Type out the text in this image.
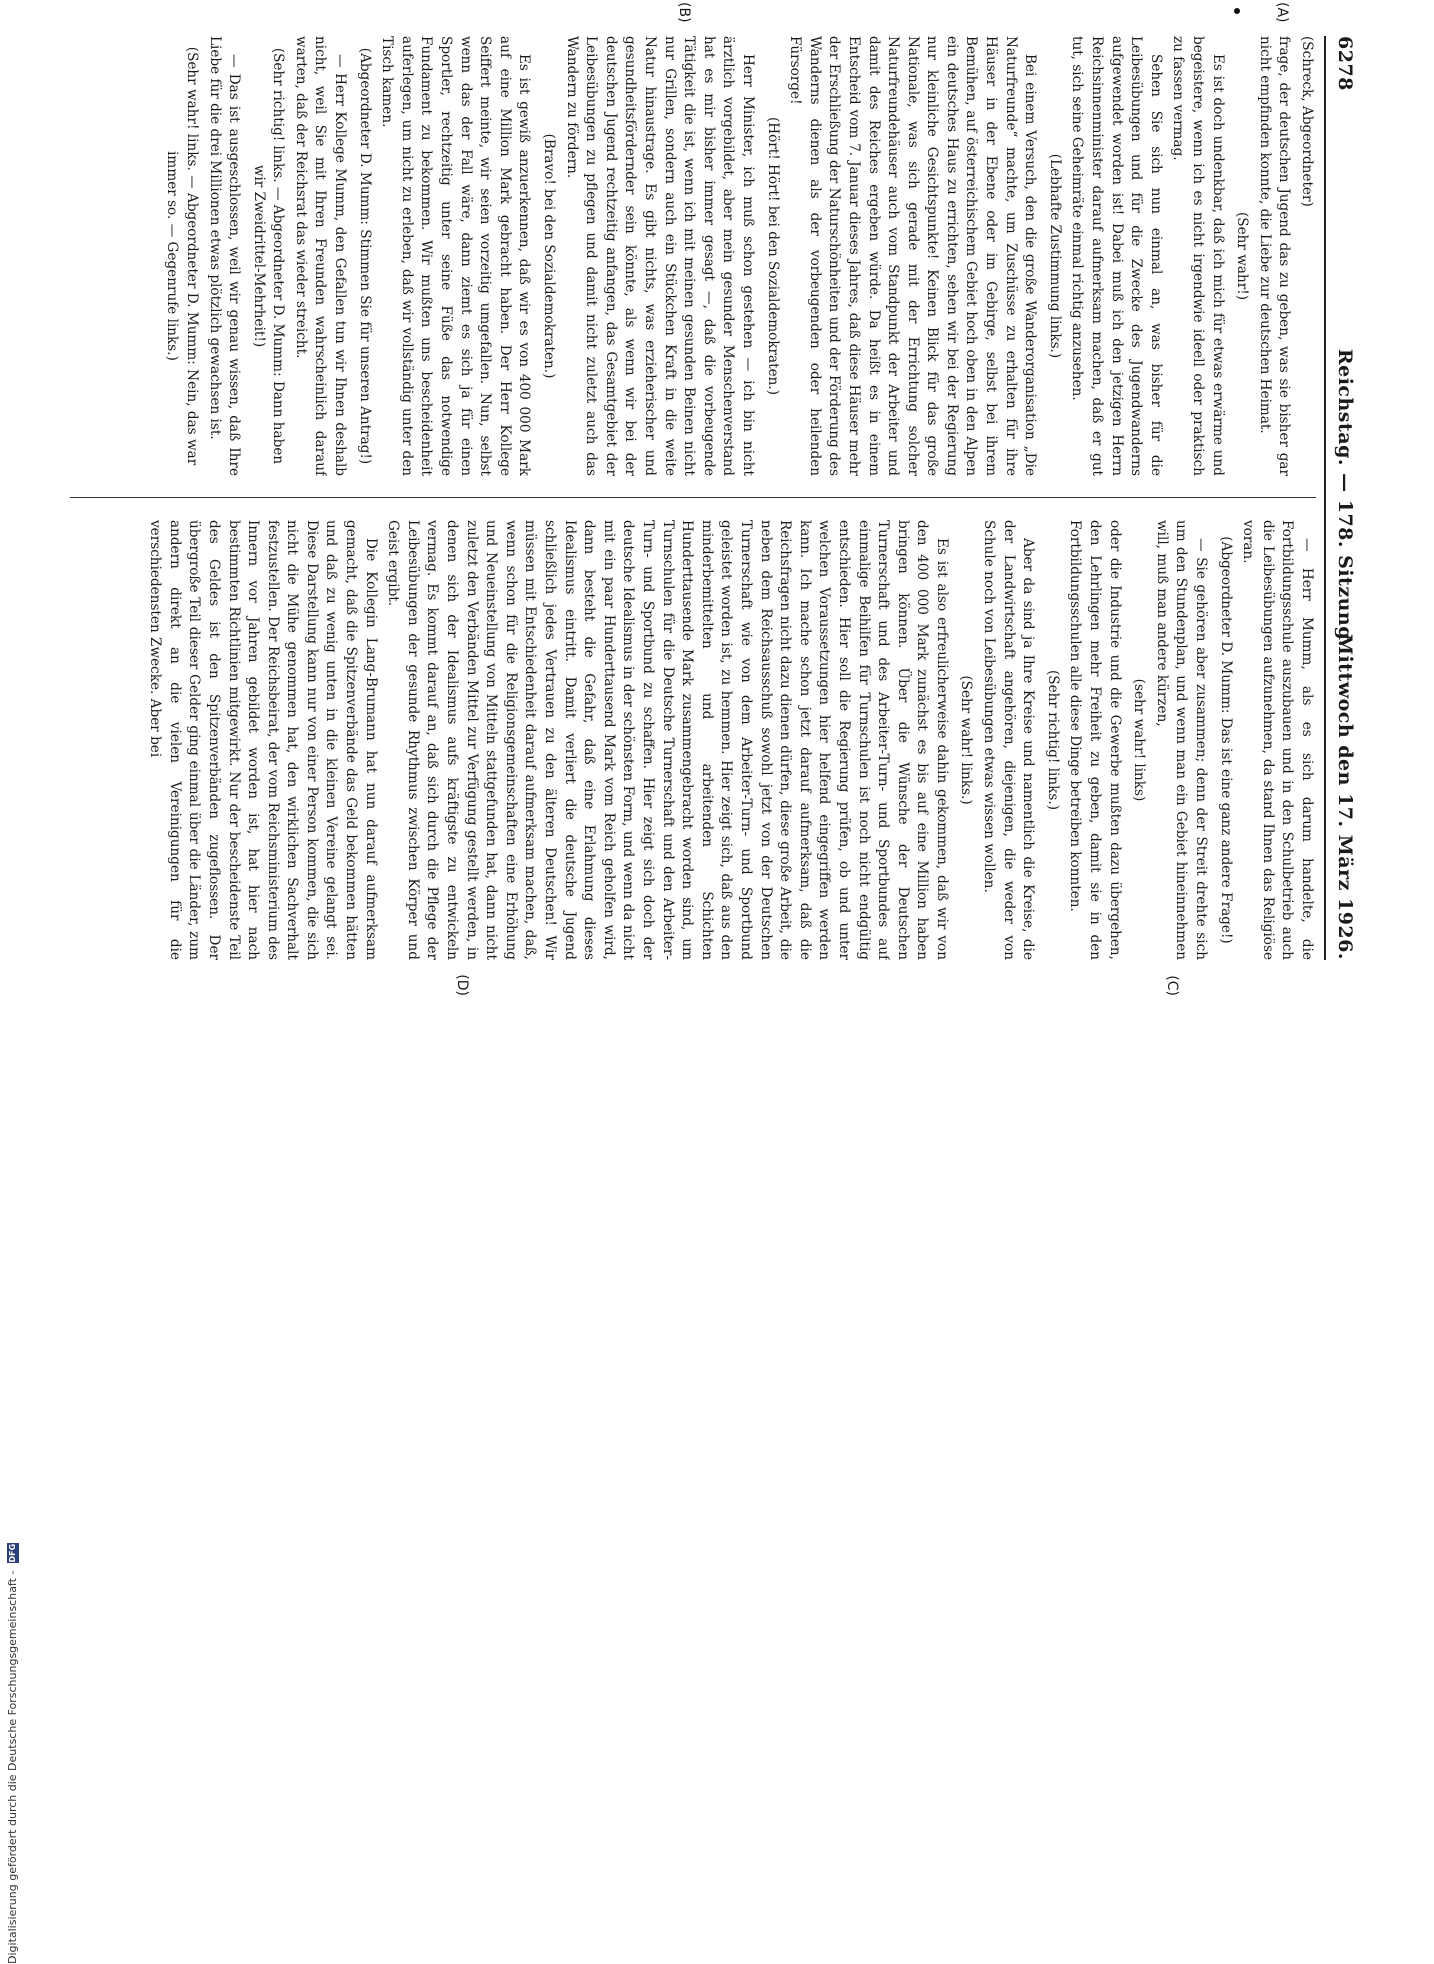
6278
Reichstag. — 178. Sitzung.
Mittwoch den 17. März 1926.

(Schreck, Abgeordneter)

frage, der deutschen Jugend das zu geben, was sie bisher gar nicht empfinden konnte, die Liebe zur deutschen Heimat.

(Sehr wahr!)

Es ist doch undenkbar, daß ich mich für etwas erwärme und begeistere, wenn ich es nicht irgendwie ideell oder praktisch zu fassen vermag.

Sehen Sie sich nun einmal an, was bisher für die Leibesübungen und für die Zwecke des Jugendwanderns aufgewendet worden ist! Dabei muß ich den jetzigen Herrn Reichsinnenminister darauf aufmerksam machen, daß er gut tut, sich seine Geheimräte einmal richtig anzusehen.

(Lebhafte Zustimmung links.)

Bei einem Versuch, den die große Wanderorganisation „Die Naturfreunde“ machte, um Zuschüsse zu erhalten für ihre Häuser in der Ebene oder im Gebirge, selbst bei ihrem Bemühen, auf österreichischem Gebiet hoch oben in den Alpen ein deutsches Haus zu errichten, sehen wir bei der Regierung nur kleinliche Gesichtspunkte! Keinen Blick für das große Nationale, was sich gerade mit der Errichtung solcher Naturfreundehäuser auch vom Standpunkt der Arbeiter und damit des Reiches ergeben würde. Da heißt es in einem Entscheid vom 7. Januar dieses Jahres, daß diese Häuser mehr der Erschließung der Naturschönheiten und der Förderung des Wanderns dienen als der vorbeugenden oder heilenden Fürsorge!

(Hört! Hört! bei den Sozialdemokraten.)

Herr Minister, ich muß schon gestehen — ich bin nicht ärztlich vorgebildet, aber mein gesunder Menschenverstand hat es mir bisher immer gesagt —, daß die vorbeugende Tätigkeit die ist, wenn ich mit meinen gesunden Beinen nicht nur Grillen, sondern auch ein Stückchen Kraft in die weite Natur hinaustrage. Es gibt nichts, was erzieherischer und gesundheitsfördernder sein könnte, als wenn wir bei der deutschen Jugend rechtzeitig anfangen, das Gesamtgebiet der Leibesübungen zu pflegen und damit nicht zuletzt auch das Wandern zu fördern.

(Bravo! bei den Sozialdemokraten.)

Es ist gewiß anzuerkennen, daß wir es von 400 000 Mark auf eine Million Mark gebracht haben. Der Herr Kollege Seiffert meinte, wir seien vorzeitig umgefallen. Nun, selbst wenn das der Fall wäre, dann ziemt es sich ja für einen Sportler, rechtzeitig unter seine Füße das notwendige Fundament zu bekommen. Wir mußten uns bescheidenheit auferlegen, um nicht zu erleben, daß wir vollständig unter den Tisch kamen.

(Abgeordneter D. Mumm: Stimmen Sie für unseren Antrag!)

— Herr Kollege Mumm, den Gefallen tun wir Ihnen deshalb nicht, weil Sie mit Ihren Freunden wahrscheinlich darauf warten, daß der Reichsrat das wieder streicht.

(Sehr richtig! links. — Abgeordneter D. Mumm: Dann haben wir Zweidrittel-Mehrheit!)

— Das ist ausgeschlossen, weil wir genau wissen, daß Ihre Liebe für die drei Millionen etwas plötzlich gewachsen ist.

(Sehr wahr! links. — Abgeordneter D. Mumm: Nein, das war immer so. — Gegenrufe links.)

— Herr Mumm, als es sich darum handelte, die Fortbildungsschule auszubauen und in den Schulbetrieb auch die Leibesübungen aufzunehmen, da stand Ihnen das Religiöse voran.

(Abgeordneter D. Mumm: Das ist eine ganz andere Frage!)

— Sie gehören aber zusammen; denn der Streit drehte sich um den Stundenplan, und wenn man ein Gebiet hineinnehmen will, muß man andere kürzen,

(sehr wahr! links)

oder die Industrie und die Gewerbe mußten dazu übergehen, den Lehrlingen mehr Freiheit zu geben, damit sie in den Fortbildungsschulen alle diese Dinge betreiben konnten.

(Sehr richtig! links.)

Aber da sind ja Ihre Kreise und namentlich die Kreise, die der Landwirtschaft angehören, diejenigen, die weder von Schule noch von Leibesübungen etwas wissen wollen.

(Sehr wahr! links.)

Es ist also erfreulicherweise dahin gekommen, daß wir von den 400 000 Mark zunächst es bis auf eine Million haben bringen können. Über die Wünsche der Deutschen Turnerschaft und des Arbeiter-Turn- und Sportbundes auf einmalige Beihilfen für Turnschulen ist noch nicht endgültig entschieden. Hier soll die Regierung prüfen, ob und unter welchen Voraussetzungen hier helfend eingegriffen werden kann. Ich mache schon jetzt darauf aufmerksam, daß die Reichsfragen nicht dazu dienen dürfen, diese große Arbeit, die neben dem Reichsausschuß sowohl jetzt von der Deutschen Turnerschaft wie von dem Arbeiter-Turn- und Sportbund geleistet worden ist, zu hemmen. Hier zeigt sich, daß aus den minderbemittelten und arbeitenden Schichten Hunderttausende Mark zusammengebracht worden sind, um Turnschulen für die Deutsche Turnerschaft und den Arbeiter-Turn- und Sportbund zu schaffen. Hier zeigt sich doch der deutsche Idealismus in der schönsten Form, und wenn da nicht mit ein paar Hunderttausend Mark vom Reich geholfen wird, dann besteht die Gefahr, daß eine Erlahmung dieses Idealismus eintritt. Damit verliert die deutsche Jugend schließlich jedes Vertrauen zu den älteren Deutschen! Wir müssen mit Entschiedenheit darauf aufmerksam machen, daß, wenn schon für die Religionsgemeinschaften eine Erhöhung und Neueinstellung von Mitteln stattgefunden hat, dann nicht zuletzt den Verbänden Mittel zur Verfügung gestellt werden, in denen sich der Idealismus aufs kräftigste zu entwickeln vermag. Es kommt darauf an, daß sich durch die Pflege der Leibesübungen der gesunde Rhythmus zwischen Körper und Geist ergibt.

Die Kollegin Lang-Brumann hat nun darauf aufmerksam gemacht, daß die Spitzenverbände das Geld bekommen hätten und daß zu wenig unten in die kleinen Vereine gelangt sei. Diese Darstellung kann nur von einer Person kommen, die sich nicht die Mühe genommen hat, den wirklichen Sachverhalt festzustellen. Der Reichsbeirat, der vom Reichsministerium des Innern vor Jahren gebildet worden ist, hat hier nach bestimmten Richtlinien mitgewirkt. Nur der bescheidenste Teil des Geldes ist den Spitzenverbänden zugeflossen. Der übergroße Teil dieser Gelder ging einmal über die Länder, zum andern direkt an die vielen Vereinigungen für die verschiedensten Zwecke. Aber bei

(A)
(B)
(C)
(D)
Digitalisierung gefördert durch die Deutsche Forschungsgemeinschaft - DFG
